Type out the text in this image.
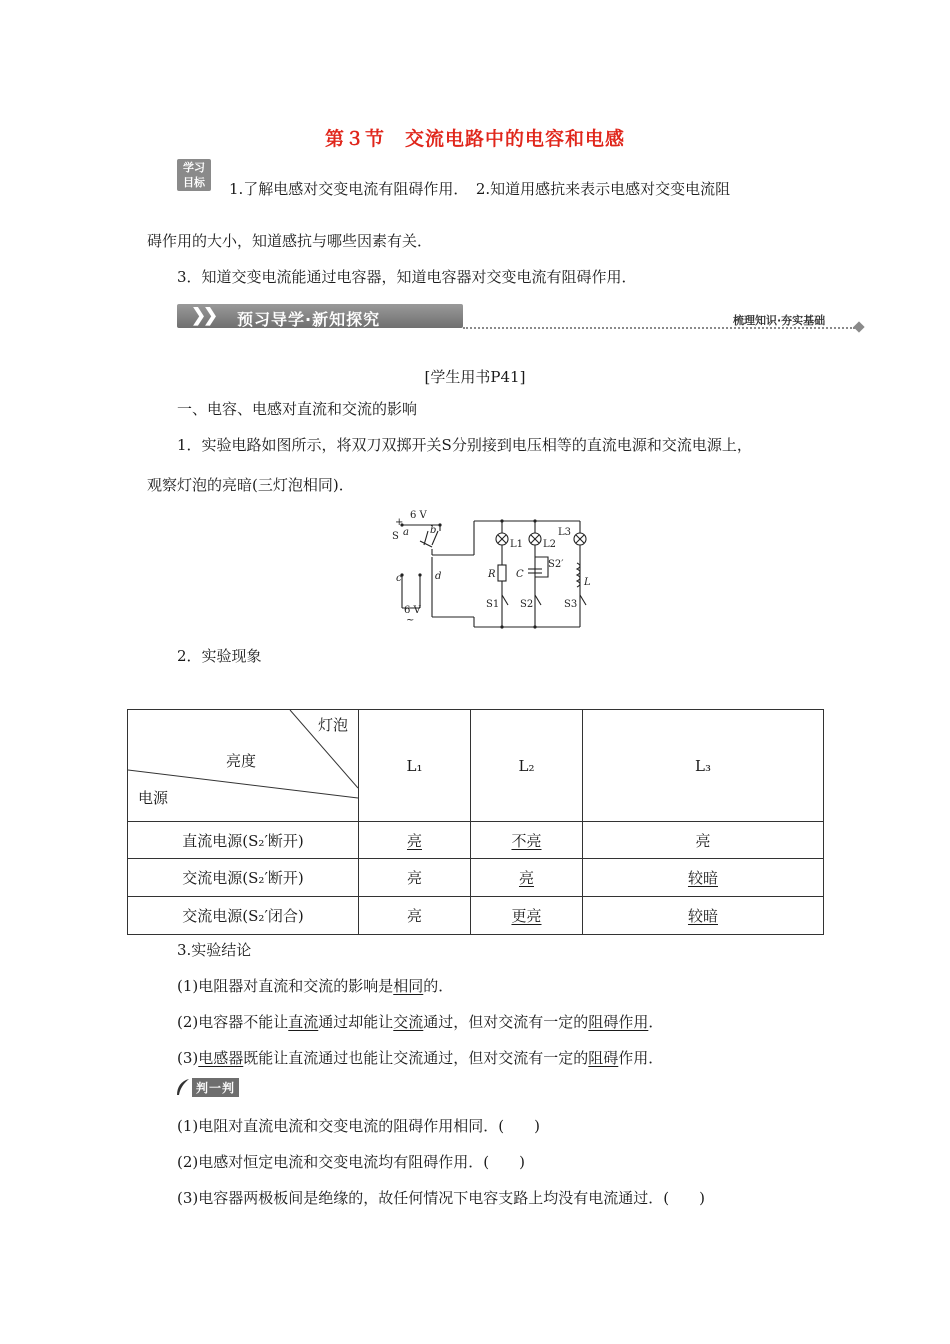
第３节　交流电路中的电容和电感
学习
目标	1.了解电感对交变电流有阻碍作用．　2.知道用感抗来表示电感对交变电流阻
碍作用的大小，知道感抗与哪些因素有关．
3．知道交变电流能通过电容器，知道电容器对交变电流有阻碍作用．
❯
❯ 预习导学·新知探究	梳理知识·夯实基础
[学生用书P41]
一、电容、电感对直流和交流的影响
1．实验电路如图所示，将双刀双掷开关S分别接到电压相等的直流电源和交流电源上，
观察灯泡的亮暗(三灯泡相同)．
+
6 V
S a b
c	d
6 V
~
L1 L2
L3
R C
L
S1 S2	S3
S2′
2．实验现象
灯泡
亮度
电源	L₁	L₂	L₃
直流电源(S₂′断开)	亮	不亮	亮
交流电源(S₂′断开)	亮	亮	较暗
交流电源(S₂′闭合)	亮	更亮	较暗
3.实验结论
(1)电阻器对直流和交流的影响是相同的．
(2)电容器不能让直流通过却能让交流通过，但对交流有一定的阻碍作用．
(3)电感器既能让直流通过也能让交流通过，但对交流有一定的阻碍作用．
判一判
(1)电阻对直流电流和交变电流的阻碍作用相同．(　　)
(2)电感对恒定电流和交变电流均有阻碍作用．(　　)
(3)电容器两极板间是绝缘的，故任何情况下电容支路上均没有电流通过．(　　)
